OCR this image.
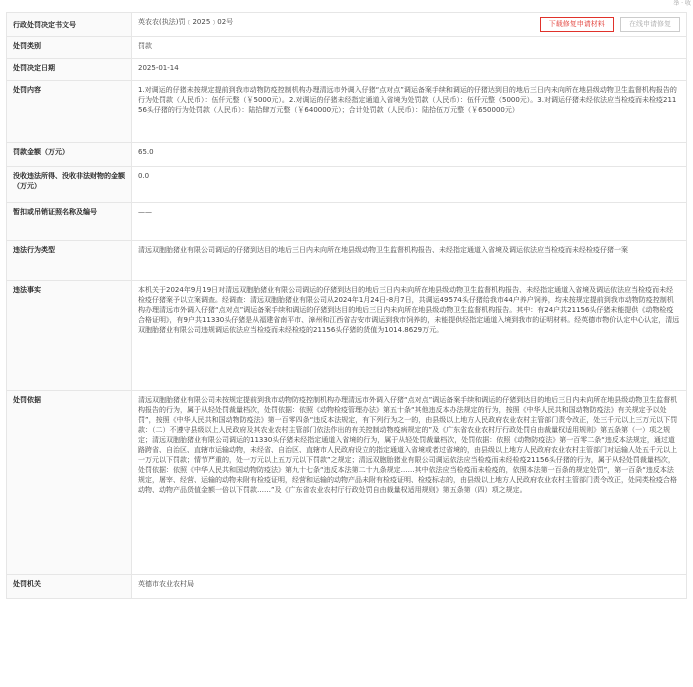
举 · 收
行政处罚决定书文号	英农农(执法)罚﹝2025﹞02号 下载修复申请材料 在线申请修复

处罚类别	罚款
处罚决定日期	2025-01-14
处罚内容	1.对调运的仔猪未按规定提前到我市动物防疫控制机构办理清远市外调入仔猪“点对点”调运备案手续和调运的仔猪达到目的地后三日内未向所在地县级动物卫生监督机构报告的行为处罚款（人民币）：伍仟元整（￥5000元）。2.对调运的仔猪未经指定通道入省境为处罚款（人民币）：伍仟元整（5000元）。3.对调运仔猪未经依法应当检疫而未检疫21156头仔猪的行为处罚款（人民币）：陆拾肆万元整（￥640000元）；合计处罚款（人民币）：陆拾伍万元整（￥650000元）
罚款金额（万元）	65.0
没收违法所得、没收非法财物的金额（万元）	0.0
暂扣或吊销证照名称及编号	——
违法行为类型	清远双胞胎猪业有限公司调运的仔猪到达目的地后三日内未向所在地县级动物卫生监督机构报告、未经指定通道入省境及调运依法应当检疫而未经检疫仔猪一案
违法事实	本机关于2024年9月19日对清远双胞胎猪业有限公司调运的仔猪到达目的地后三日内未向所在地县级动物卫生监督机构报告、未经指定通道入省境及调运依法应当检疫而未经检疫仔猪案予以立案调查。经调查：清远双胞胎猪业有限公司从2024年1月24日-8月7日，共调运49574头仔猪给我市44户养户饲养，均未按规定提前到我市动物防疫控制机构办理清远市外调入仔猪“点对点”调运备案手续和调运的仔猪到达目的地后三日内未向所在地县级动物卫生监督机构报告。其中：有24户共21156头仔猪未能提供《动物检疫合格证明》，有9户共11330头仔猪是从福建省南平市、漳州和江西省吉安市调运到我市饲养的，未能提供经指定通道入境到我市的证明材料。经英德市物价认定中心认定，清远双胞胎猪业有限公司违规调运依法应当检疫而未经检疫的21156头仔猪的货值为1014.8629万元。
处罚依据	清远双胞胎猪业有限公司未按规定提前到我市动物防疫控制机构办理清远市外调入仔猪“点对点”调运备案手续和调运的仔猪到达目的地后三日内未向所在地县级动物卫生监督机构报告的行为，属于从轻处罚裁量档次，处罚依据：依照《动物检疫管理办法》第五十条“其他违反本办法规定的行为，按照《中华人民共和国动物防疫法》有关规定予以处罚”，按照《中华人民共和国动物防疫法》第一百零四条“违反本法规定，有下列行为之一的，由县级以上地方人民政府农业农村主管部门责令改正，处三千元以上三万元以下罚款：（二）不遵守县级以上人民政府及其农业农村主管部门依法作出的有关控制动物疫病规定的”及《广东省农业农村厅行政处罚自由裁量权适用规则》第五条第（一）项之规定；清远双胞胎猪业有限公司调运的11330头仔猪未经指定通道入省境的行为，属于从轻处罚裁量档次，处罚依据：依照《动物防疫法》第一百零二条“违反本法规定，通过道路跨省、自治区、直辖市运输动物，未经省、自治区、直辖市人民政府设立的指定通道入省境或者过省境的，由县级以上地方人民政府农业农村主管部门对运输人处五千元以上一万元以下罚款；情节严重的，处一万元以上五万元以下罚款”之规定；清远双胞胎猪业有限公司调运依法应当检疫而未经检疫21156头仔猪的行为，属于从轻处罚裁量档次，处罚依据：依照《中华人民共和国动物防疫法》第九十七条“违反本法第二十九条规定……其中依法应当检疫而未检疫的，依照本法第一百条的规定处罚”，第一百条“违反本法规定，屠宰、经营、运输的动物未附有检疫证明，经营和运输的动物产品未附有检疫证明、检疫标志的，由县级以上地方人民政府农业农村主管部门责令改正，处同类检疫合格动物、动物产品货值金额一倍以下罚款……”及《广东省农业农村厅行政处罚自由裁量权适用规则》第五条第（四）项之规定。
处罚机关	英德市农业农村局
